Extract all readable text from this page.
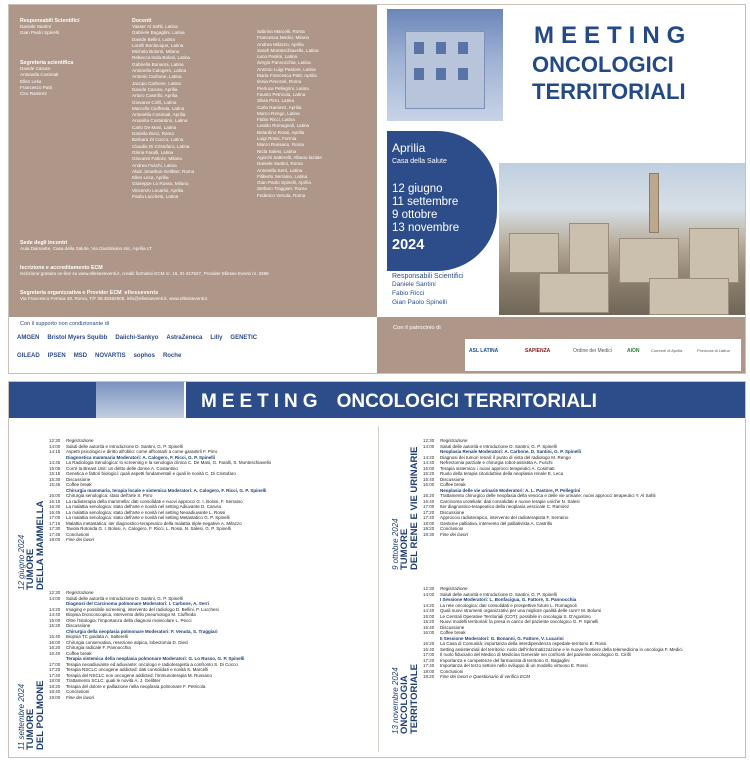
Responsabili Scientifici
Daniele Santini
Gian Paolo Spinelli
Segreteria scientifica
Davide Caruso
Antonella Cosimati
Ellen Leka
Francesco Patti
Ciro Ramirez
Docenti
Yasser Al Sahli, Latina
Gabriele Bagaglini, Latina
Davide Bellini, Latina
Lorelli Bonlacique, Latina
Michela Bolorsi, Milano
Rebecca Isola Bolosi, Latina
Gabriella Bonanni, Latina
Antonella Calogero, Latina
Antonio Carbone, Latina
Jacopo Carbone, Latina
Davide Caruso, Aprilia
Arturo Castrillo, Aprilia
Giovanni Cirilli, Latina
Marcello Ciuffreda, Latina
Antonella Cosimati, Aprilia
Annarita Costantino, Latina
Carlo De Masi, Latina
Daniela Dieci, Roma
Barbara Di Cocco, Latina
Claudio Di Cristofaro, Latina
Gloria Faralli, Latina
Giovanni Fattore, Milano
Andrea Fuschi, Latina
Alain Jonathan Gelibter, Roma
Ellen Leca, Aprilia
Giuseppe Lo Russo, Milano
Vincenzo Lucarini, Aprilia
Paola Lucchesi, Latina
Sabrina Marcelli, Roma
Francesca Medici, Milano
Andrea Milazzo, Aprilia
Sarah Monteschiavello, Latina
Luca Paolini, Latina
Sergio Pannocchia, Latina
Antonio Luigi Pastore, Latina
Maria Francesca Patti, Aprilia
Ilenia Pecorari, Roma
Pierluca Pellegrini, Latina
Fausto Petricola, Latina
Silvia Pirro, Latina
Carla Ramirez, Aprilia
Marco Rengo, Latina
Fabio Ricci, Latina
Lealdo Romagnoli, Latina
Belardino Rossi, Aprilia
Luigi Rossi, Formia
Marco Russano, Roma
Nicla Salesi, Latina
Agiochi Salterelli, Albano laziale
Daniele Santini, Roma
Antonella Serri, Latina
Filiberto Serraino, Latina
Gian Paolo Spinelli, Aprilia
Stefano Traggiari, Roma
Federico Venuta, Roma
Sede degli incontri
Aula Diamante, Casa della Salute, Via Giustiniano snc, Aprilia LT
Iscrizione e accreditamento ECM
Iscrizione gratuita on-line su www.ellesseeventi.it, crediti formativi ECM nr. 16, ID 417627, Provider Ellesse Eventi nr. 3386
Segreteria organizzativa e Provider ECM ellessevents
Via Francesco Ferrara 40, Roma, T/F 06.36382906, info@ellesseventi.it, www.ellesseventi.it
Con il supporto non condizionante di
AMGEN Bristol Myers Squibb Daiichi-Sankyo AstraZeneca Lilly GENETIC
GILEAD IPSEN MSD NOVARTIS sophos Roche
MEETING
ONCOLOGICI
TERRITORIALI
Aprilia
Casa della Salute
12 giugno
11 settembre
9 ottobre
13 novembre
2024
Responsabili Scientifici
Daniele Santini
Fabio Ricci
Gian Paolo Spinelli
Con il patrocinio di
ASL LATINA	SAPIENZA	Ordine dei Medici	AION	Comune di Aprilia	Provincia di Latina
MEETING ONCOLOGICI TERRITORIALI
12:30	Registrazione
14:00	Saluti delle autorità e Introduzione D. Santini, G. P. Spinelli
14:15	Aspetti psicologici e diritto all'oblio: come affrontarli a come garantirli F. Pirro
Diagnostica mammaria Moderatori: A. Calogero, F. Ricci, G. P. Spinelli
14:45	La Radiologia Senologica: lo screening e la senologia clinica C. De Masi, G. Faralli, S. Monteschiavello
15:05	Cos'è la Breast Unit: un diritto delle donne A. Costantino
15:15	Genetica e fattori biologici: quali aspetti fondamentali e quali le novità C. Di Cristofaro
15:30	Discussione
15:45	Coffee break
Chirurgia mammaria, terapia locale e sistemica Moderatori: A. Calogero, F. Ricci, G. P. Spinelli
16:00	Chirurgia senologica: stato dell'arte S. Pirro
16:15	La radioterapia della mammella: dati consolidati e nuovi approcci G. I. Bolosi, F. Serraino
16:30	La malattia senologica: stato dell'arte e novità nel setting Adiuvante D. Caruso
16:45	La malattia senologica: stato dell'arte e novità nel setting Neoadiuvante L. Rossi
17:00	La malattia senologica: stato dell'arte e novità nel setting Metastatico G. P. Spinelli
17:15	Malattia metastatica: iter diagnostico-terapeutico della malattia triple-negative A. Milazzo
17:30	Tavola Rotonda G. I. Bolosi, A. Calogero, F. Ricci, L. Rossi, N. Salesi, G. P. Spinelli
17:45	Conclusioni
18:00	Fine dei lavori
12 giugno 2024 TUMORE DELLA MAMMELLA
12:30	Registrazione
14:00	Saluti delle autorità e Introduzione D. Santini, G. P. Spinelli
Diagnosi del Carcinoma polmonare Moderatori: I. Carbone, A. Serri
14:20	Imaging e possibile screening, intervento del radiologo D. Bellini, P. Lucchesi
14:40	Biopsia broncoscopica, intervento dello pneumologo M. Ciuffreda
15:00	Oltre l'Istologia: l'importanza della diagnosi molecolare L. Pecci
15:20	Discussione
Chirurgia della neoplasia polmonare Moderatori: F. Venuta, S. Traggiari
15:40	Biopsia TC guidata A. Salterelli
16:00	Chirurgia conservativa, resezione atipica, lobectomia D. Dieci
16:20	Chirurgia radicale F. Pannocchia
16:40	Coffee break
Terapia sistemica della neoplasia polmonare Moderatori: G. Lo Russo, G. P. Spinelli
17:00	Terapia neoadiuvante ed adiuvante: oncologo e radioterapista a confronto S. Di Cocco
17:20	Terapia NSCLC oncogene addicted: dati consolidati e novità S. Marcelli
17:40	Terapia del NSCLC non oncogene addicted: l'immunoterapia M. Russano
18:00	Trattamento SCLC: quali le novità A. J. Gelibter
18:20	Terapia del dolore e palliazione nella neoplasia polmonare F. Petricola
18:40	Conclusioni
19:00	Fine dei lavori
11 settembre 2024 TUMORE DEL POLMONE
12:30	Registrazione
14:00	Saluti delle autorità e Introduzione D. Santini, G. P. Spinelli
Neoplasia Renale Moderatori: A. Carbone, D. Santini, G. P. Spinelli
14:20	Diagnosi dei tumori renali: il punto di vista del radiologo M. Rengo
14:40	Nefrectomia parziale e chirurgia robot-assistita A. Fuschi
15:00	Terapia sistemica: i nuovi approcci terapeutici A. Cosimati
15:20	Ruolo della terapia citoriduttiva della neoplasia renale E. Leca
15:40	Discussione
16:00	Coffee break
Neoplasia delle vie urinarie Moderatori: A. L. Pastore, P. Pellegrini
16:20	Trattamento chirurgico delle neoplasia della vescica e delle vie urinarie: nuovi approcci terapeutici Y. Al Sahli
16:40	Carcinoma uroteliale: dati consolidati e nuove terapie uniche N. Salesi
17:00	Iter diagnostico-terapeutico della neoplasia vescicale C. Ramirez
17:20	Discussione
17:40	Approccio radioterapico, intervento del radioterapista F. Serraino
18:00	Gestione palliativa, intervento del palliativista A. Castrillo
18:20	Conclusioni
18:30	Fine dei lavori
9 ottobre 2024 TUMORE DEL RENE E VIE URINARIE
12:30	Registrazione
14:00	Saluti delle autorità e Introduzione D. Santini, G. P. Spinelli
I Sessione Moderatori: L. Bonfacigua, G. Fattore, S. Pannocchia
14:20	La rete oncologica: dati consolidati e prospettive future L. Romagnoli
14:40	Quali nuovi strumenti organizzativi per una migliore qualità delle cure? M. Bolorsi
15:00	Le Centrali Operative Territoriali (COT): possibile in oncologia S. D'Agostino
15:20	Nuovi modelli territoriali: la presa in carico del paziente oncologico G. P. Spinelli
15:40	Discussione
16:00	Coffee break
II Sessione Moderatori: G. Bonanni, G. Fattore, V. Lucarini
16:20	La Casa di Comunità: importanza della interdipendenza ospedale-territorio B. Rossi
16:40	Setting assistenziali del territorio: ruolo dell'informatizzazione e le nuove frontiere della telemedicina in oncologia F. Medici
17:00	Il ruolo fiduciario del Medico di Medicina Generale nei confronti del paziente oncologico G. Cirilli
17:20	Importanza e competenze del farmacista di territorio G. Bagaglini
17:40	Importanza del terzo settore nello sviluppo di un modello virtuoso E. Rossi
18:00	Conclusioni
18:20	Fine dei lavori e Questionario di verifica ECM
13 novembre 2024 ONCOLOGIA TERRITORIALE
